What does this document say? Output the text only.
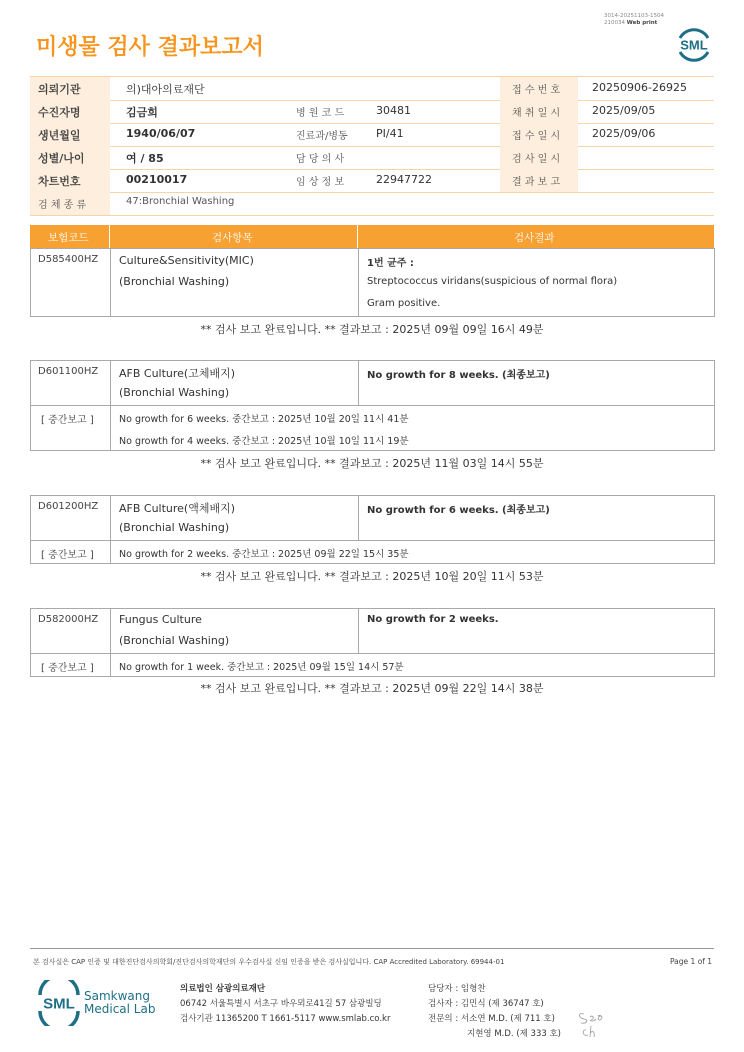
미생물 검사 결과보고서
3014-20251103-1504
210034 Web print
SML
의뢰기관	의)대아의료재단	접 수 번 호	20250906-26925
수진자명	김금희	병 원 코 드	30481	채 취 일 시	2025/09/05
생년월일	1940/06/07	진료과/병동	PI/41	접 수 일 시	2025/09/06
성별/나이	여 / 85	담 당 의 사	검 사 일 시
차트번호	00210017	임 상 정 보	22947722	결 과 보 고
검 체 종 류	47:Bronchial Washing
보험코드	검사항목	검사결과
D585400HZ Culture&Sensitivity(MIC)
(Bronchial Washing)
1번 균주 :
Streptococcus viridans(suspicious of normal flora)
Gram positive.
** 검사 보고 완료입니다. ** 결과보고 : 2025년 09월 09일 16시 49분
D601100HZ AFB Culture(고체배지)
(Bronchial Washing)
No growth for 8 weeks. (최종보고)
[ 중간보고 ]	No growth for 6 weeks. 중간보고 : 2025년 10월 20일 11시 41분
No growth for 4 weeks. 중간보고 : 2025년 10월 10일 11시 19분
** 검사 보고 완료입니다. ** 결과보고 : 2025년 11월 03일 14시 55분
D601200HZ AFB Culture(액체배지)
(Bronchial Washing)
No growth for 6 weeks. (최종보고)
[ 중간보고 ]	No growth for 2 weeks. 중간보고 : 2025년 09월 22일 15시 35분
** 검사 보고 완료입니다. ** 결과보고 : 2025년 10월 20일 11시 53분
D582000HZ Fungus Culture
(Bronchial Washing)
No growth for 2 weeks.
[ 중간보고 ]	No growth for 1 week. 중간보고 : 2025년 09월 15일 14시 57분
** 검사 보고 완료입니다. ** 결과보고 : 2025년 09월 22일 14시 38분
본 검사실은 CAP 인증 및 대한진단검사의학회/진단검사의학재단의 우수검사실 신임 인증을 받은 검사실입니다. CAP Accredited Laboratory. 69944-01	Page 1 of 1
SML Samkwang
Medical Lab
의료법인 삼광의료재단
06742 서울특별시 서초구 바우뫼로41길 57 삼광빌딩
검사기관 11365200 T 1661-5117 www.smlab.co.kr
담당자 : 임형찬
검사자 : 김민식 (제 36747 호)
전문의 : 서소연 M.D. (제 711 호)
지현영 M.D. (제 333 호)
